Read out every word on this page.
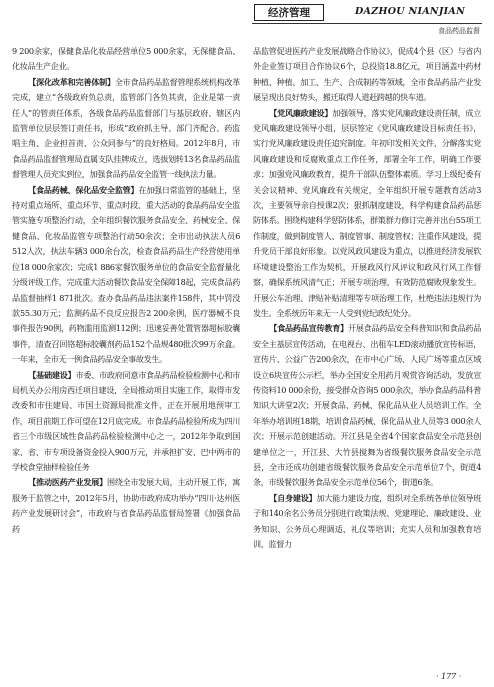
经济管理	DAZHOU NIANJIAN
食品药品监督

9 200余家，保健食品化妆品经营单位5 000余家，无保健食品、化妆品生产企业。

【深化改革和完善体制】全市食品药品监督管理系统机构改革完成，建立“各级政府负总责，监管部门各负其责，企业是第一责任人”的管责任体系，各级食品药品监督部门与基层政府、辖区内监管单位层层签订责任书，形成“政府抓主导、部门齐配合、药监唱主角、企业担首责、公众同参与”的良好格局。2012年8月，市食品药品监督管理局直属支队挂牌成立，选拔划转13名食品药品监督管理人员充实到位，加强食品药品安全监管一线执法力量。

【食品药械、保化品安全监管】在加强日常监管的基础上，坚持对重点场所、重点环节、重点时段、重大活动的食品药品安全监管实施专项整治行动，全年组织餐饮服务食品安全、药械安全、保健食品、化妆品监管专项整治行动50余次；全市出动执法人员6 512人次，执法车辆3 000余台次，检查食品药品生产经营使用单位18 000余家次；完成1 886家餐饮服务单位的食品安全监督量化分级评级工作，完成重大活动餐饮食品安全保障18起，完成食品药品监督抽样1 871批次。查办食品药品违法案件158件，其中罚没款55.30万元；监测药品不良反应报告2 200余例，医疗器械不良事件报告90例，药物滥用监测112例；迅速妥善处置管器超标胶囊事件，清查召回铬超标胶囊剂药品152个品规480批次99万余盒。一年来，全市无一例食品药品安全事故发生。

【基础建设】市委、市政府同意市食品药品检验检测中心和市局机关办公用房西迁项目建设，全局推动项目实施工作，取得市发改委和市住建局、市国土资源局批准文件，正在开展用地预审工作，项目前期工作可望在12月底完成。市食品药品检验所成为四川省三个市级区域性食品药品检验检测中心之一，2012年争取到国家、省、市专项设备资金投入900万元，并承担扩安、巴中两市的学校食堂抽样检验任务

【推动医药产业发展】围绕全市发展大局，主动开展工作，寓服务于监管之中，2012年5月，协助市政府成功举办“四川·达州医药产业发展研讨会”，市政府与省食品药品监督局签署《加强食品药

品监管促进医药产业发展战略合作协议》，促成4个县（区）与省内外企业签订项目合作协议6个，总投资18.8亿元，项目涵盖中药材种植、种植、加工、生产、合成制药等领域，全市食品药品产业发展呈现出良好势头，搬迁取得人道赶跨越的快车道。

【党风廉政建设】加强领导，落实党风廉政建设责任制，成立党风廉政建设领导小组，层层签定《党风廉政建设目标责任书》，实行党风廉政建设责任追究制度。年初印发相关文件，分解落实党风廉政建设和反腐败重点工作任务，部署全年工作，明确工作要求；加强党风廉政教育，提升干部队伍整体素质。学习上级纪委有关会议精神、党风廉政有关规定，全年组织开展专题教育活动3次，主要领导亲自授课2次；狠抓制度建设，科学构建食品药品惩防体系。围绕构建科学惩防体系，群策群力修订完善并出台55项工作制度，做到制度管人、制度管事、制度管权；注重作风建设，提升党员干部良好形象。以党风政风建设为重点，以推进经济发展软环境建设整治工作为契机，开展政风行风评议和政风行风工作督察，确保系统风清气正；开展专项治理，有效防范腐败现象发生。开展公车治理、津贴补贴清理等专项治理工作，杜绝违法违规行为发生。全系统历年来无一人受到党纪政纪处分。

【食品药品宣传教育】开展食品药品安全科普知识和食品药品安全主基层宣传活动，在电视台、出租车LED滚动播放宣传标语，宣传片、公益广告200余次，在市中心广场、人民广场等重点区域设立6块宣传公示栏，举办全国安全用药月观赏咨询活动，发放宣传资料10 000余份，接受群众咨询5 000余次，举办食品药品科普知识大讲堂2次；开展食品、药械、保化品从业人员培训工作。全年举办培训班18期，培训食品药械、保化品从业人员等3 000余人次；开展示范创建活动。开江县是全省4个国家食品安全示范县创建单位之一，开江县、大竹县搅舞为省级餐饮服务食品安全示范县，全市还成功创建省级餐饮服务食品安全示范单位7个，街道4条，市级餐饮服务食品安全示范单位56个，街道6条。

【自身建设】加大能力建设力度，组织对全系统各单位领导班子和140余名公务员分别进行政策法规、党建理论、廉政建设、业务知识、公务员心理调适、礼仪等培训；充实人员和加强教育培训，监督力

· 177 ·
